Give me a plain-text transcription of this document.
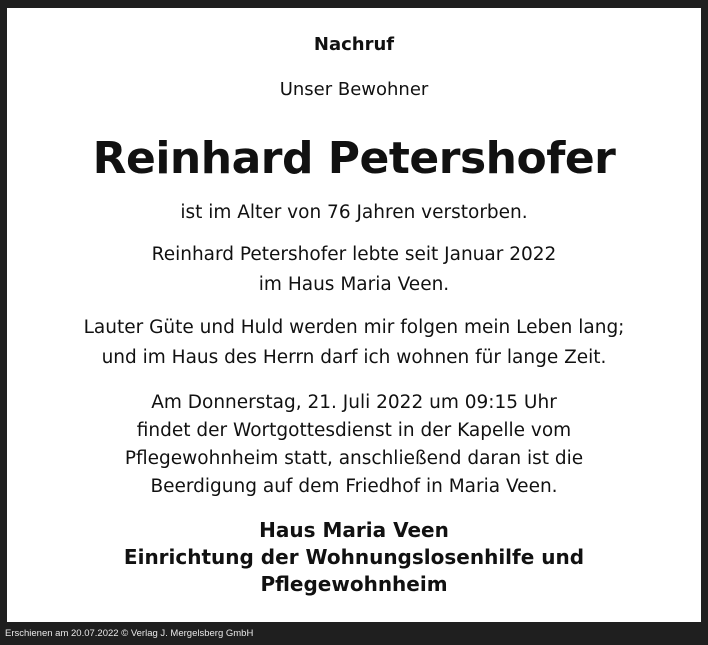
Nachruf
Unser Bewohner
Reinhard Petershofer
ist im Alter von 76 Jahren verstorben.
Reinhard Petershofer lebte seit Januar 2022
im Haus Maria Veen.
Lauter Güte und Huld werden mir folgen mein Leben lang;
und im Haus des Herrn darf ich wohnen für lange Zeit.
Am Donnerstag, 21. Juli 2022 um 09:15 Uhr
findet der Wortgottesdienst in der Kapelle vom
Pflegewohnheim statt, anschließend daran ist die
Beerdigung auf dem Friedhof in Maria Veen.
Haus Maria Veen
Einrichtung der Wohnungslosenhilfe und
Pflegewohnheim
Erschienen am 20.07.2022 © Verlag J. Mergelsberg GmbH
